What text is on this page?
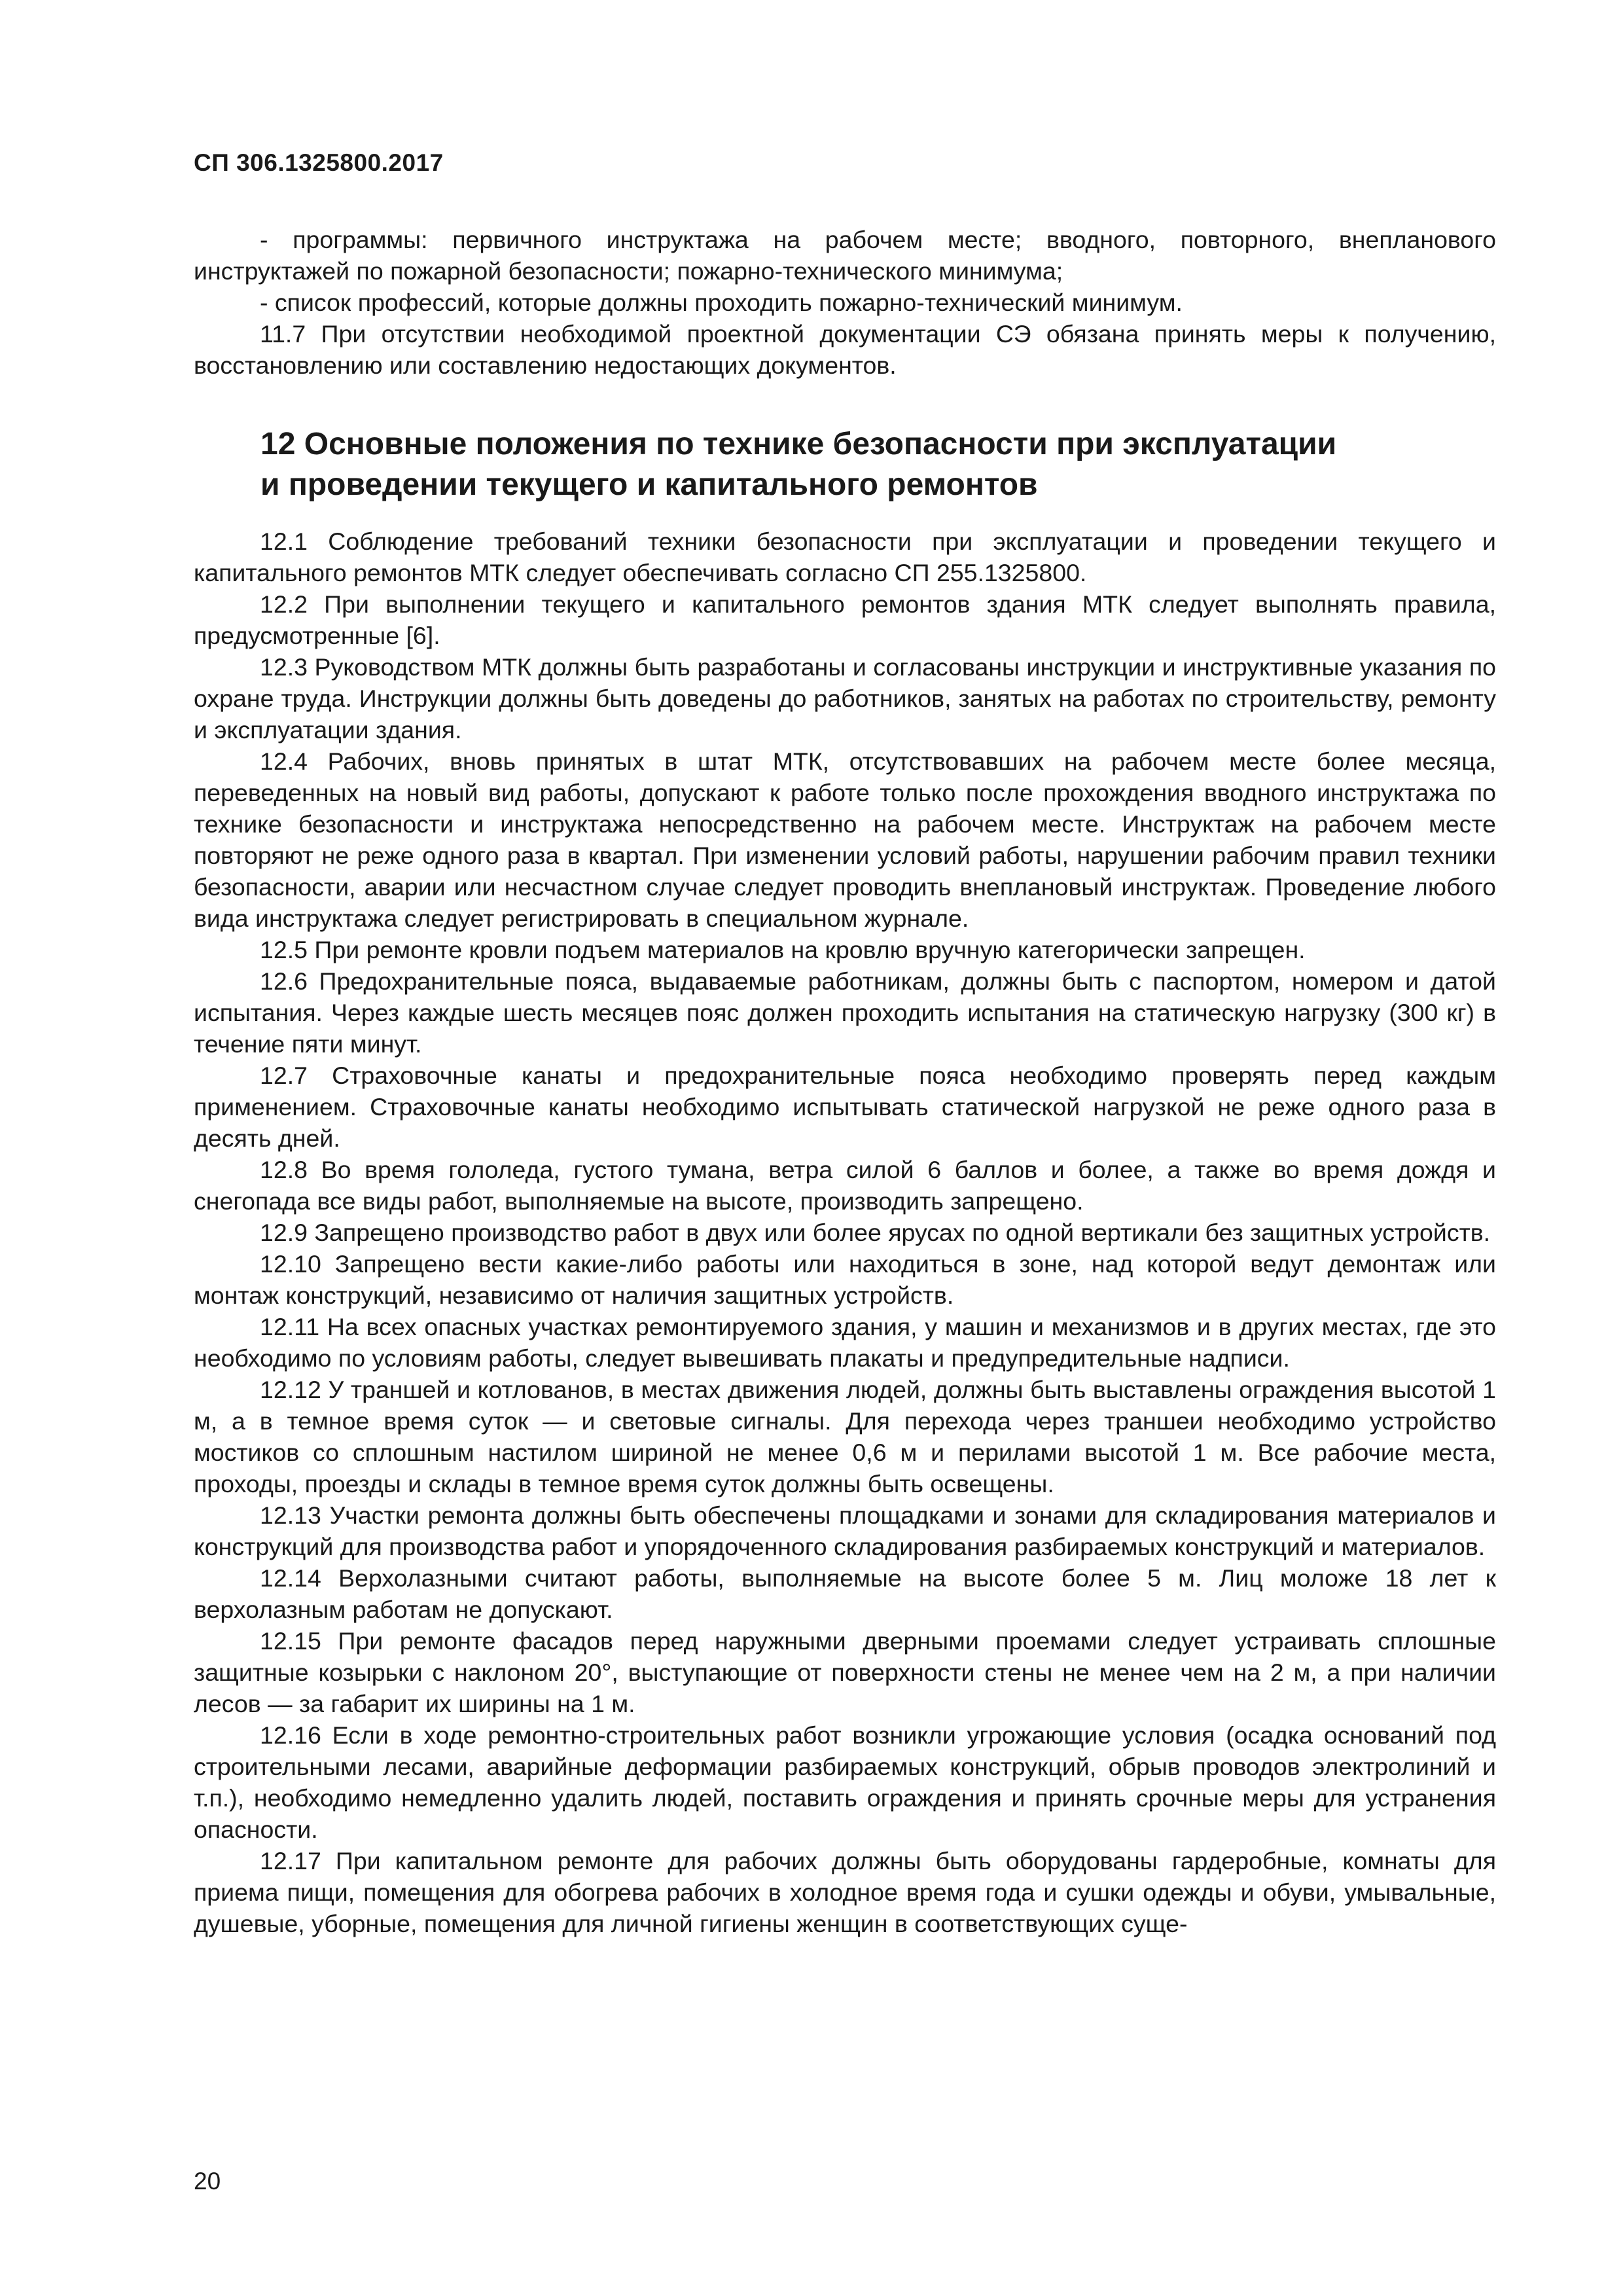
СП 306.1325800.2017

- программы: первичного инструктажа на рабочем месте; вводного, повторного, внепланового инструктажей по пожарной безопасности; пожарно-технического минимума;

- список профессий, которые должны проходить пожарно-технический минимум.

11.7 При отсутствии необходимой проектной документации СЭ обязана принять меры к получению, восстановлению или составлению недостающих документов.

12 Основные положения по технике безопасности при эксплуатации
и проведении текущего и капитального ремонтов

12.1 Соблюдение требований техники безопасности при эксплуатации и проведении текущего и капитального ремонтов МТК следует обеспечивать согласно СП 255.1325800.

12.2 При выполнении текущего и капитального ремонтов здания МТК следует выполнять правила, предусмотренные [6].

12.3 Руководством МТК должны быть разработаны и согласованы инструкции и инструктивные указания по охране труда. Инструкции должны быть доведены до работников, занятых на работах по строительству, ремонту и эксплуатации здания.

12.4 Рабочих, вновь принятых в штат МТК, отсутствовавших на рабочем месте более месяца, переведенных на новый вид работы, допускают к работе только после прохождения вводного инструктажа по технике безопасности и инструктажа непосредственно на рабочем месте. Инструктаж на рабочем месте повторяют не реже одного раза в квартал. При изменении условий работы, нарушении рабочим правил техники безопасности, аварии или несчастном случае следует проводить внеплановый инструктаж. Проведение любого вида инструктажа следует регистрировать в специальном журнале.

12.5 При ремонте кровли подъем материалов на кровлю вручную категорически запрещен.

12.6 Предохранительные пояса, выдаваемые работникам, должны быть с паспортом, номером и датой испытания. Через каждые шесть месяцев пояс должен проходить испытания на статическую нагрузку (300 кг) в течение пяти минут.

12.7 Страховочные канаты и предохранительные пояса необходимо проверять перед каждым применением. Страховочные канаты необходимо испытывать статической нагрузкой не реже одного раза в десять дней.

12.8 Во время гололеда, густого тумана, ветра силой 6 баллов и более, а также во время дождя и снегопада все виды работ, выполняемые на высоте, производить запрещено.

12.9 Запрещено производство работ в двух или более ярусах по одной вертикали без защитных устройств.

12.10 Запрещено вести какие-либо работы или находиться в зоне, над которой ведут демонтаж или монтаж конструкций, независимо от наличия защитных устройств.

12.11 На всех опасных участках ремонтируемого здания, у машин и механизмов и в других местах, где это необходимо по условиям работы, следует вывешивать плакаты и предупредительные надписи.

12.12 У траншей и котлованов, в местах движения людей, должны быть выставлены ограждения высотой 1 м, а в темное время суток — и световые сигналы. Для перехода через траншеи необходимо устройство мостиков со сплошным настилом шириной не менее 0,6 м и перилами высотой 1 м. Все рабочие места, проходы, проезды и склады в темное время суток должны быть освещены.

12.13 Участки ремонта должны быть обеспечены площадками и зонами для складирования материалов и конструкций для производства работ и упорядоченного складирования разбираемых конструкций и материалов.

12.14 Верхолазными считают работы, выполняемые на высоте более 5 м. Лиц моложе 18 лет к верхолазным работам не допускают.

12.15 При ремонте фасадов перед наружными дверными проемами следует устраивать сплошные защитные козырьки с наклоном 20°, выступающие от поверхности стены не менее чем на 2 м, а при наличии лесов — за габарит их ширины на 1 м.

12.16 Если в ходе ремонтно-строительных работ возникли угрожающие условия (осадка оснований под строительными лесами, аварийные деформации разбираемых конструкций, обрыв проводов электролиний и т.п.), необходимо немедленно удалить людей, поставить ограждения и принять срочные меры для устранения опасности.

12.17 При капитальном ремонте для рабочих должны быть оборудованы гардеробные, комнаты для приема пищи, помещения для обогрева рабочих в холодное время года и сушки одежды и обуви, умывальные, душевые, уборные, помещения для личной гигиены женщин в соответствующих суще-

20
